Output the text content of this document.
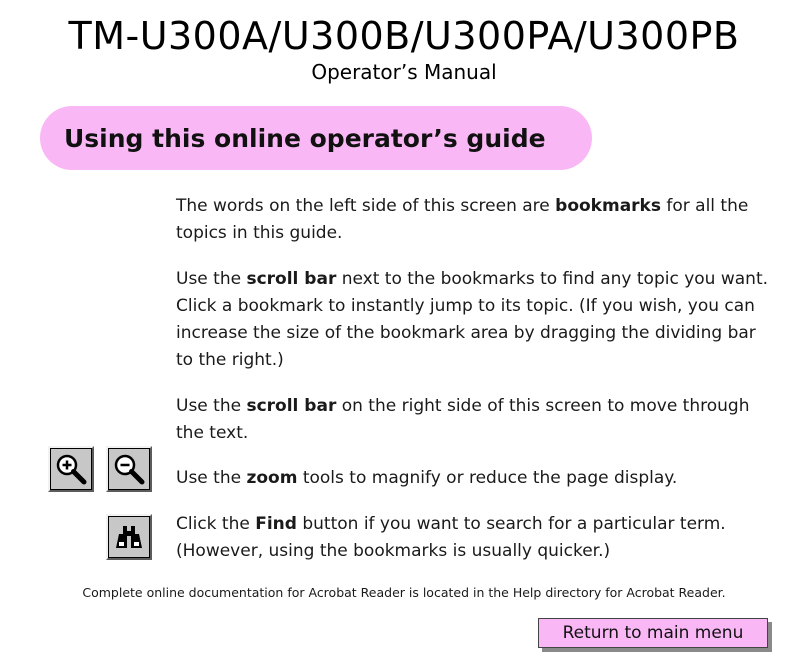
TM-U300A/U300B/U300PA/U300PB
Operator’s Manual
Using this online operator’s guide
The words on the left side of this screen are bookmarks for all the topics in this guide.
Use the scroll bar next to the bookmarks to find any topic you want. Click a bookmark to instantly jump to its topic. (If you wish, you can increase the size of the bookmark area by dragging the dividing bar to the right.)
Use the scroll bar on the right side of this screen to move through the text.
Use the zoom tools to magnify or reduce the page display.
Click the Find button if you want to search for a particular term. (However, using the bookmarks is usually quicker.)
Complete online documentation for Acrobat Reader is located in the Help directory for Acrobat Reader.
Return to main menu
